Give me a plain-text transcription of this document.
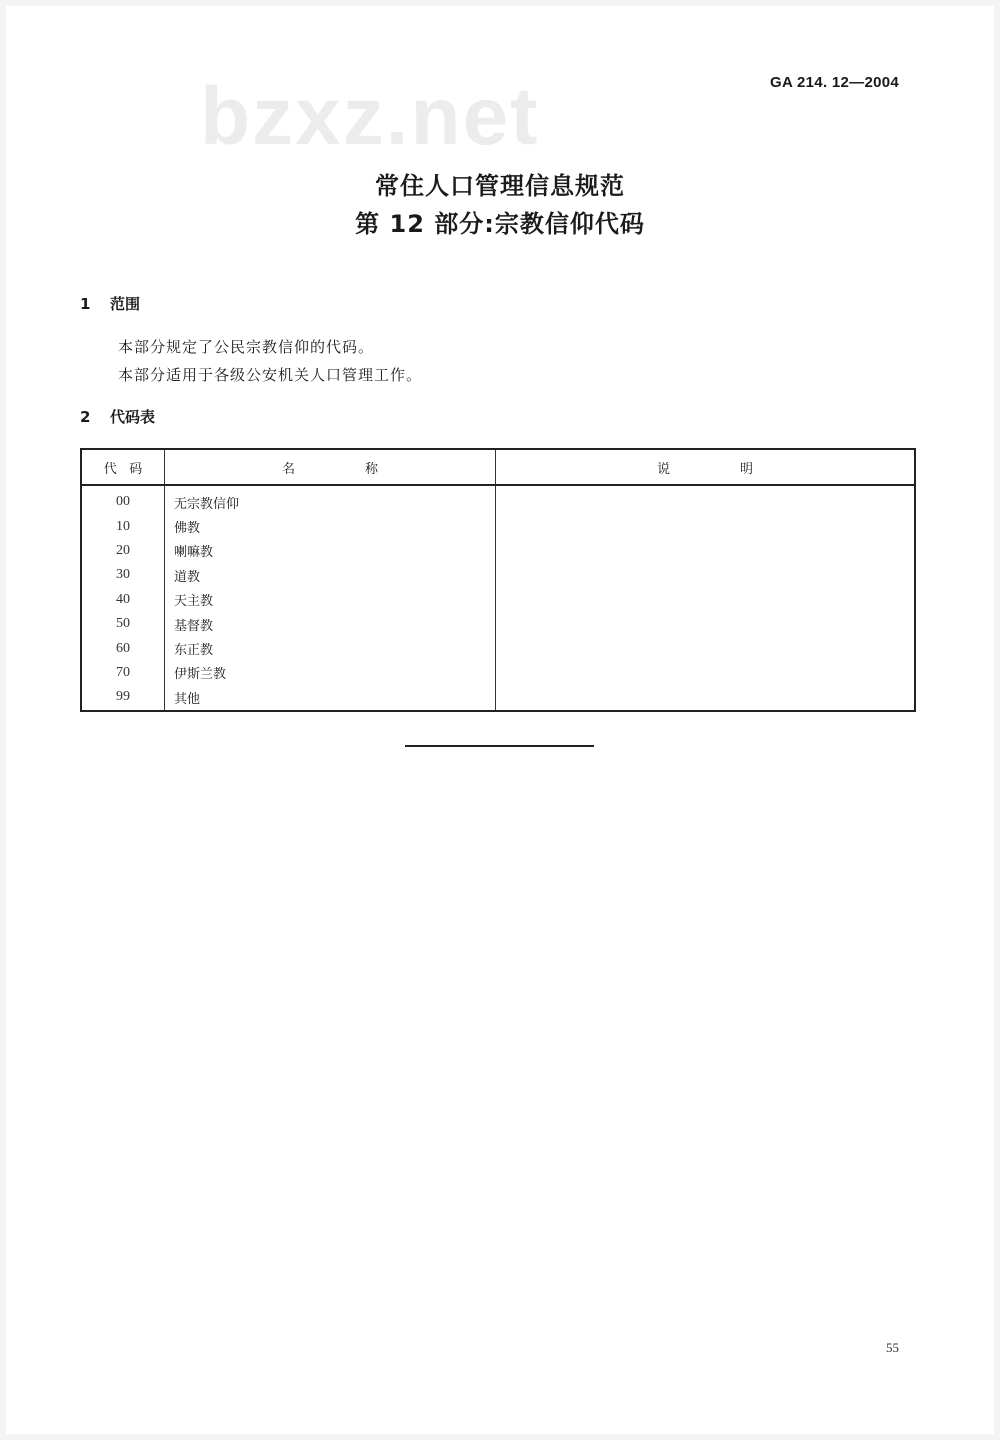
GA 214. 12—2004
bzxz.net
常住人口管理信息规范
第 12 部分:宗教信仰代码
1 范围
本部分规定了公民宗教信仰的代码。
本部分适用于各级公安机关人口管理工作。
2 代码表
代 码	名 称	说 明
00	无宗教信仰	
10	佛教	
20	喇嘛教	
30	道教	
40	天主教	
50	基督教	
60	东正教	
70	伊斯兰教	
99	其他	
55
